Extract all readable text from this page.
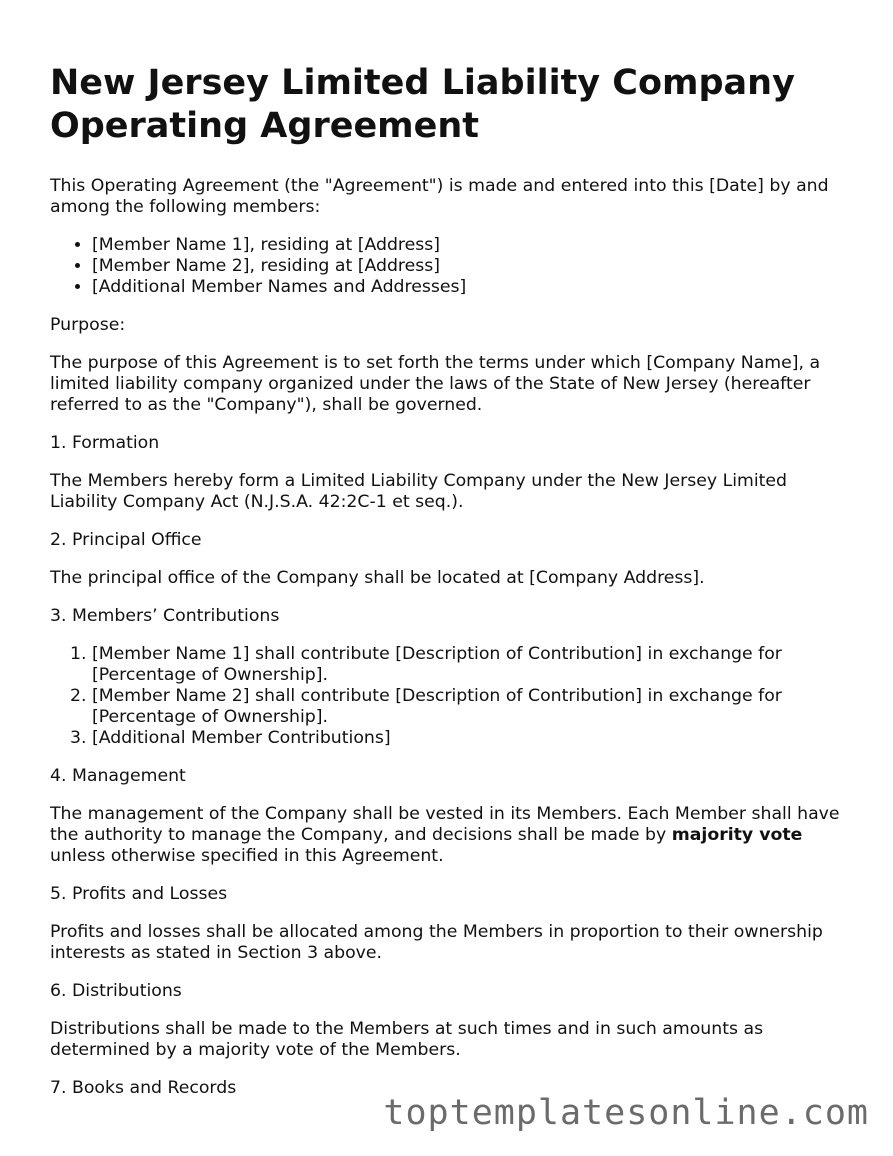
New Jersey Limited Liability Company
Operating Agreement

This Operating Agreement (the "Agreement") is made and entered into this [Date] by and among the following members:

• [Member Name 1], residing at [Address]
• [Member Name 2], residing at [Address]
• [Additional Member Names and Addresses]

Purpose:

The purpose of this Agreement is to set forth the terms under which [Company Name], a limited liability company organized under the laws of the State of New Jersey (hereafter referred to as the "Company"), shall be governed.

1. Formation

The Members hereby form a Limited Liability Company under the New Jersey Limited Liability Company Act (N.J.S.A. 42:2C-1 et seq.).

2. Principal Office

The principal office of the Company shall be located at [Company Address].

3. Members’ Contributions

1. [Member Name 1] shall contribute [Description of Contribution] in exchange for [Percentage of Ownership].
2. [Member Name 2] shall contribute [Description of Contribution] in exchange for [Percentage of Ownership].
3. [Additional Member Contributions]

4. Management

The management of the Company shall be vested in its Members. Each Member shall have the authority to manage the Company, and decisions shall be made by majority vote unless otherwise specified in this Agreement.

5. Profits and Losses

Profits and losses shall be allocated among the Members in proportion to their ownership interests as stated in Section 3 above.

6. Distributions

Distributions shall be made to the Members at such times and in such amounts as determined by a majority vote of the Members.

7. Books and Records

toptemplatesonline.com
